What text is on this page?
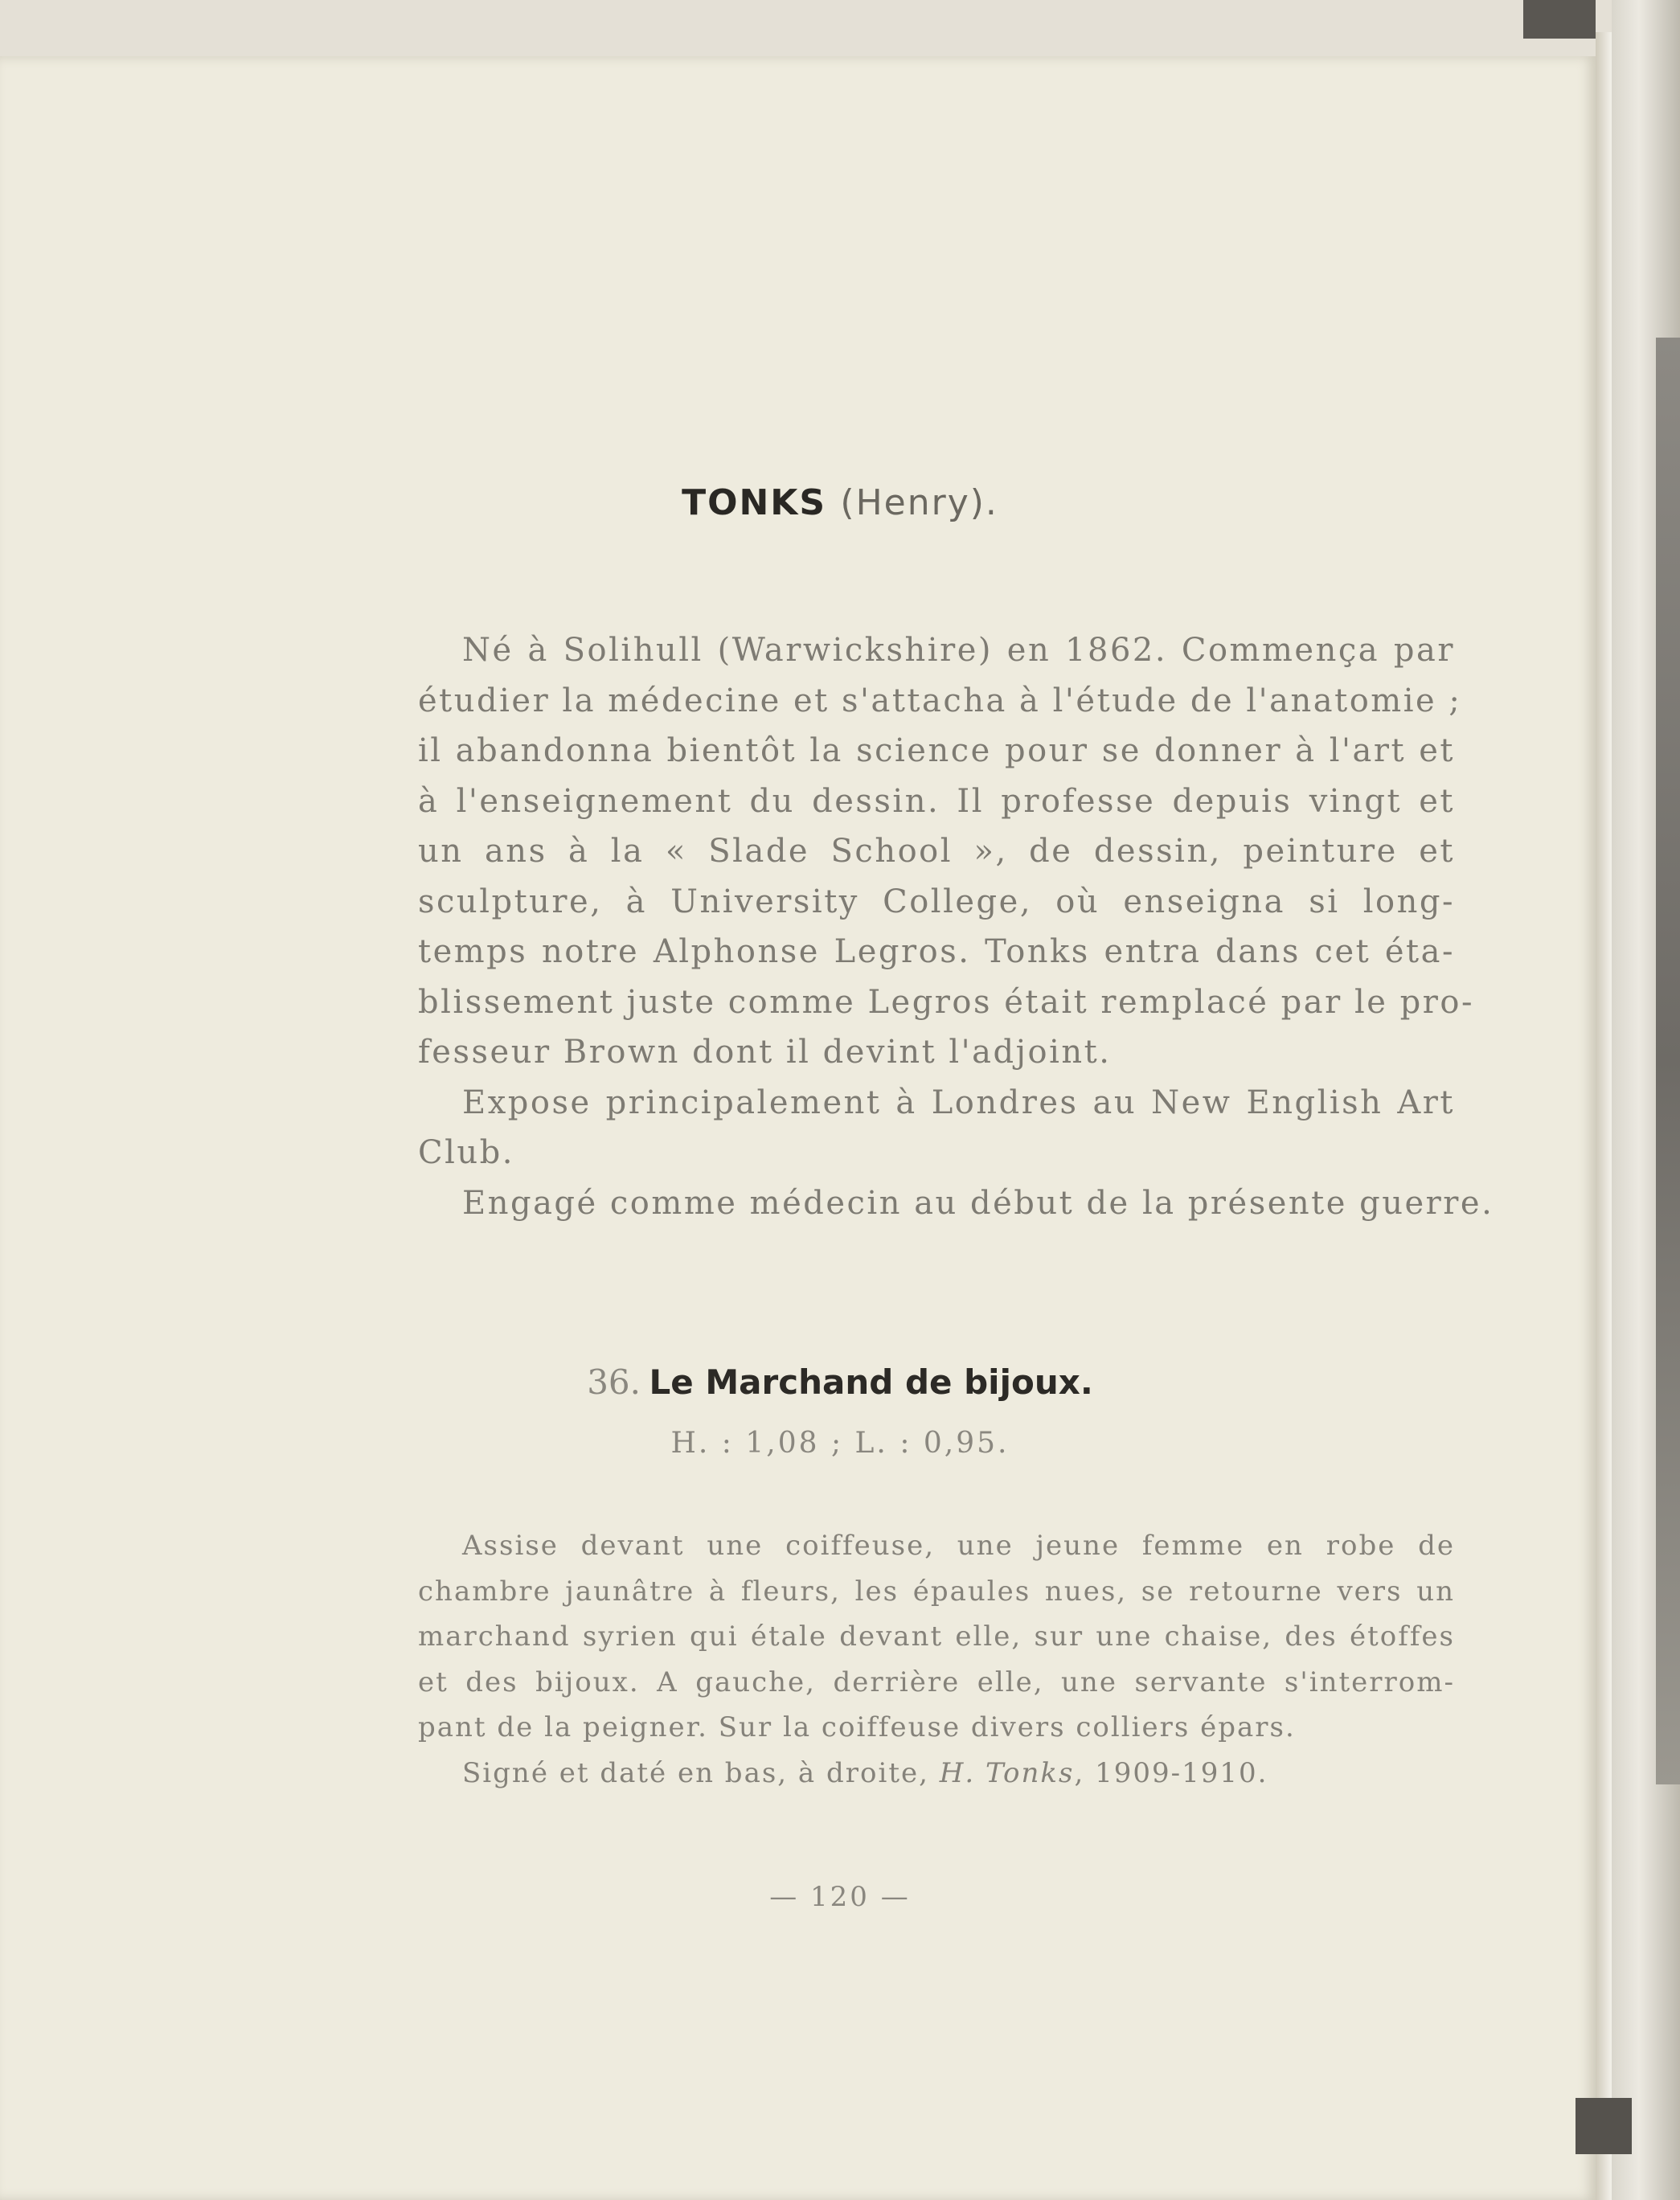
TONKS (Henry).
Né à Solihull (Warwickshire) en 1862. Commença par
étudier la médecine et s'attacha à l'étude de l'anatomie ;
il abandonna bientôt la science pour se donner à l'art et
à l'enseignement du dessin. Il professe depuis vingt et
un ans à la « Slade School », de dessin, peinture et
sculpture, à University College, où enseigna si long-
temps notre Alphonse Legros. Tonks entra dans cet éta-
blissement juste comme Legros était remplacé par le pro-
fesseur Brown dont il devint l'adjoint.
Expose principalement à Londres au New English Art
Club.
Engagé comme médecin au début de la présente guerre.
36. Le Marchand de bijoux.
H. : 1,08 ; L. : 0,95.
Assise devant une coiffeuse, une jeune femme en robe de
chambre jaunâtre à fleurs, les épaules nues, se retourne vers un
marchand syrien qui étale devant elle, sur une chaise, des étoffes
et des bijoux. A gauche, derrière elle, une servante s'interrom-
pant de la peigner. Sur la coiffeuse divers colliers épars.
Signé et daté en bas, à droite, H. Tonks, 1909-1910.
— 120 —
